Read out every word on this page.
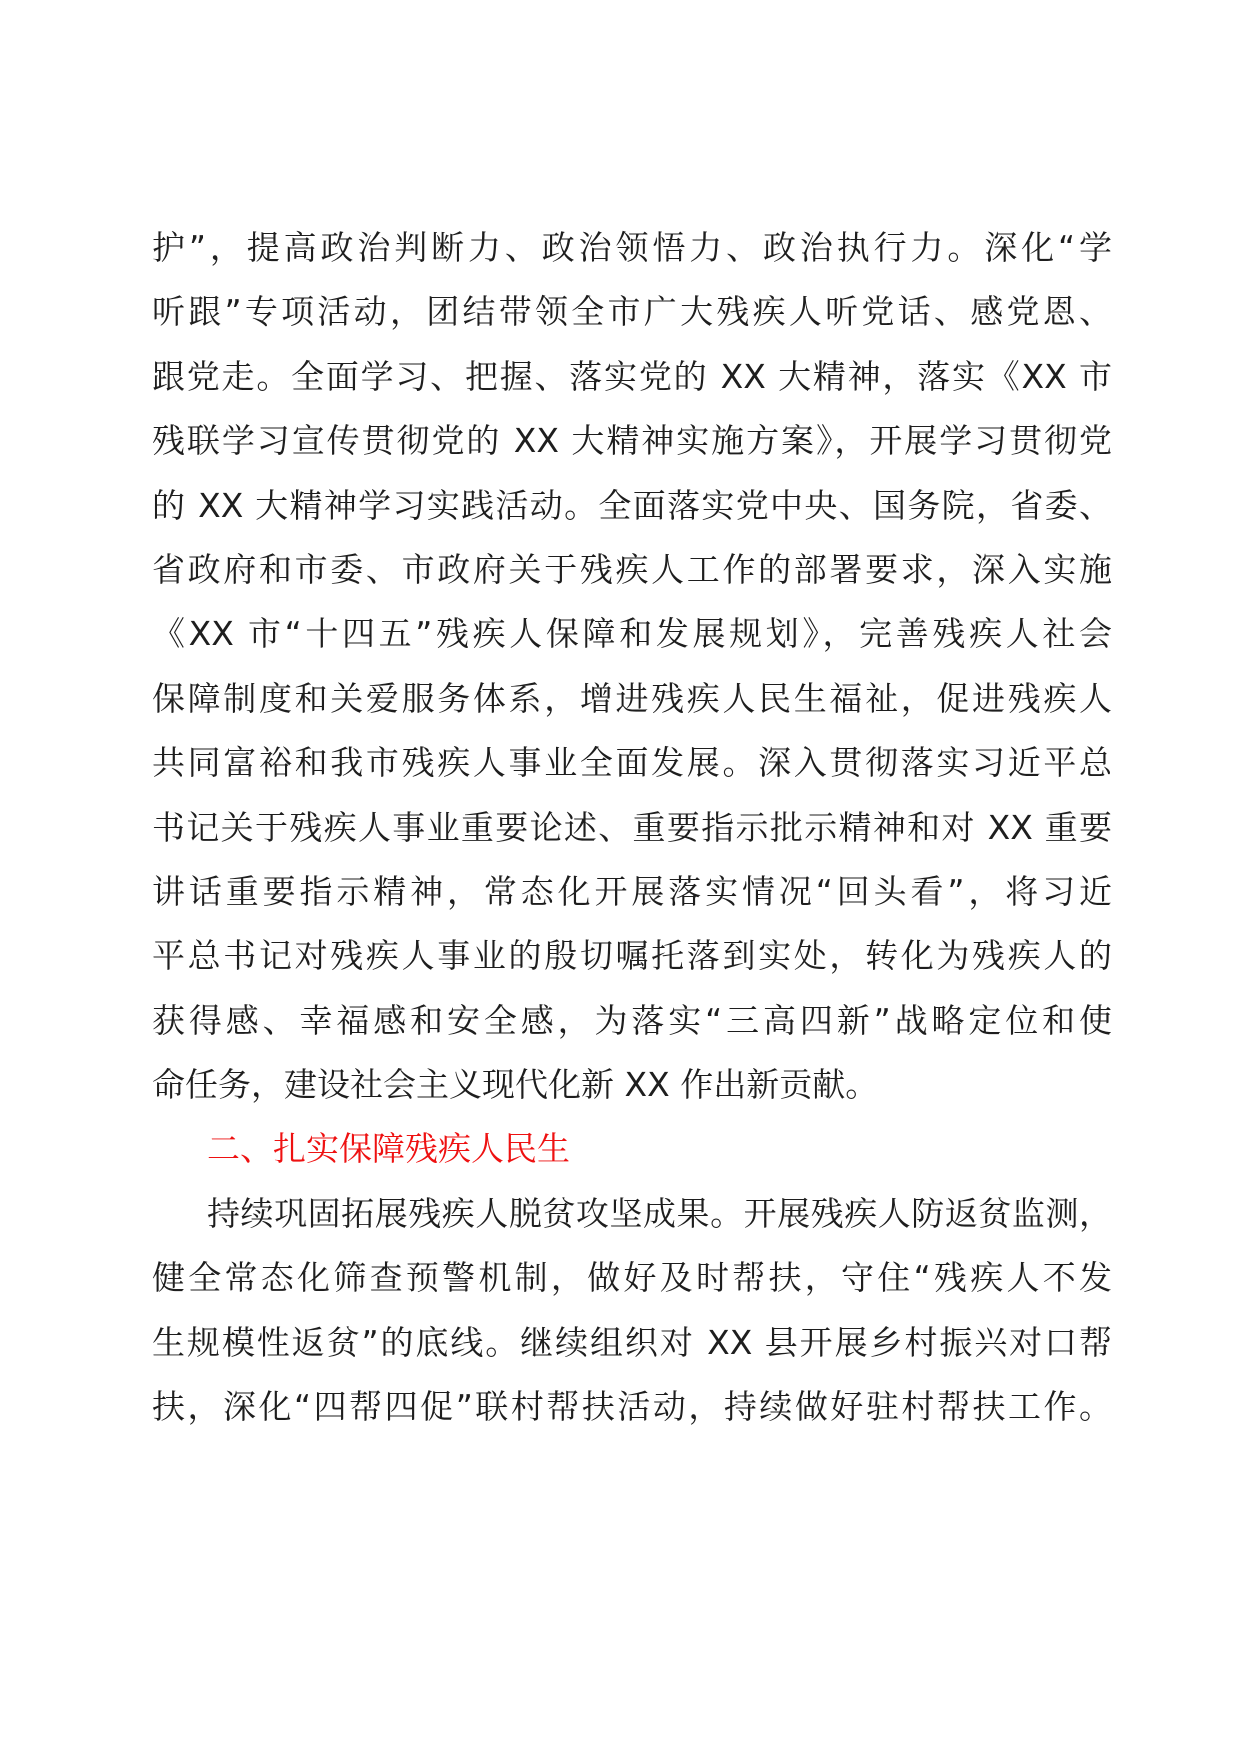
护”，提高政治判断力、政治领悟力、政治执行力。深化“学
听跟”专项活动，团结带领全市广大残疾人听党话、感党恩、
跟党走。全面学习、把握、落实党的 XX 大精神，落实《XX 市
残联学习宣传贯彻党的 XX 大精神实施方案》，开展学习贯彻党
的 XX 大精神学习实践活动。全面落实党中央、国务院，省委、
省政府和市委、市政府关于残疾人工作的部署要求，深入实施
《XX 市“十四五”残疾人保障和发展规划》，完善残疾人社会
保障制度和关爱服务体系，增进残疾人民生福祉，促进残疾人
共同富裕和我市残疾人事业全面发展。深入贯彻落实习近平总
书记关于残疾人事业重要论述、重要指示批示精神和对 XX 重要
讲话重要指示精神，常态化开展落实情况“回头看”，将习近
平总书记对残疾人事业的殷切嘱托落到实处，转化为残疾人的
获得感、幸福感和安全感，为落实“三高四新”战略定位和使
命任务，建设社会主义现代化新 XX 作出新贡献。
二、扎实保障残疾人民生
持续巩固拓展残疾人脱贫攻坚成果。开展残疾人防返贫监测，
健全常态化筛查预警机制，做好及时帮扶，守住“残疾人不发
生规模性返贫”的底线。继续组织对 XX 县开展乡村振兴对口帮
扶，深化“四帮四促”联村帮扶活动，持续做好驻村帮扶工作。
